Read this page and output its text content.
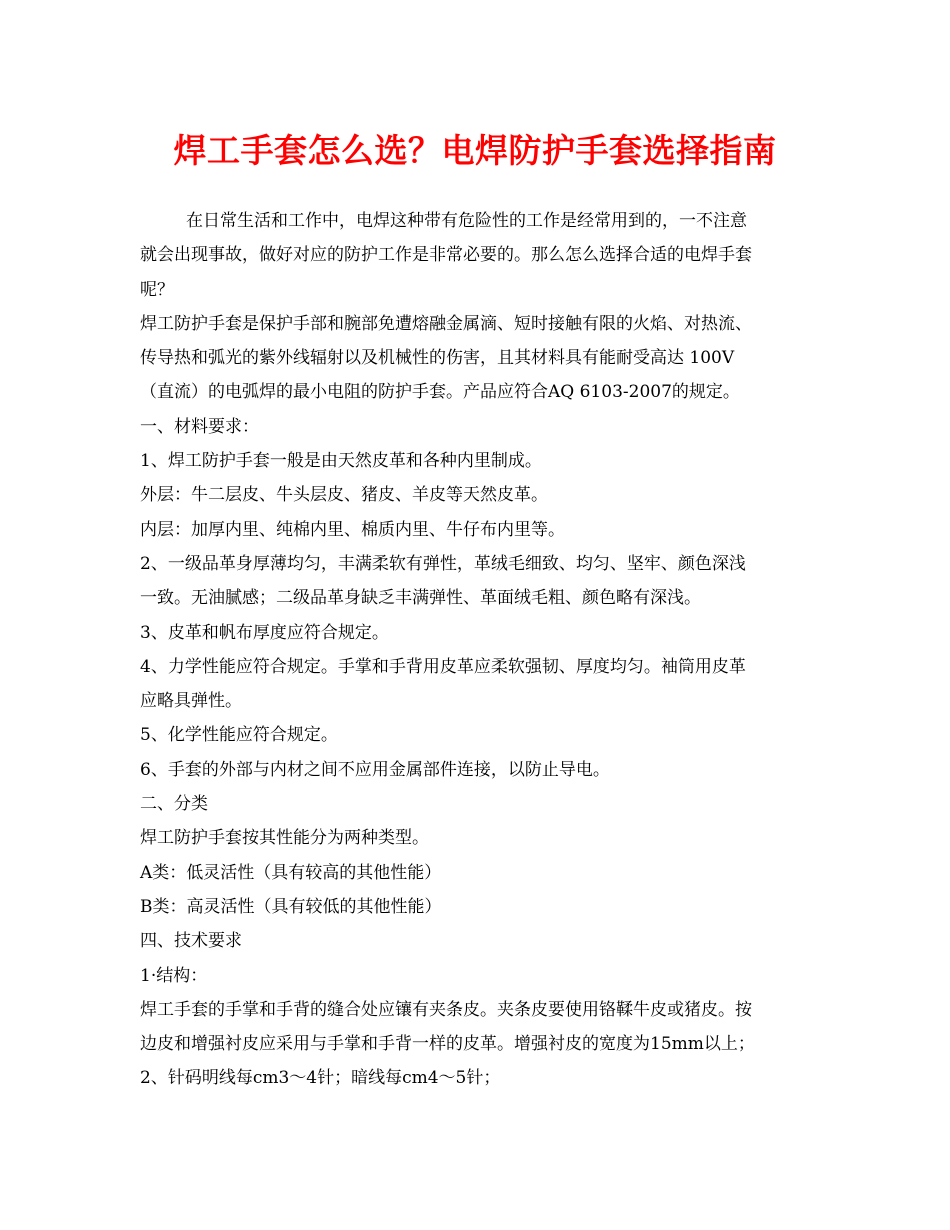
焊工手套怎么选？电焊防护手套选择指南
在日常生活和工作中，电焊这种带有危险性的工作是经常用到的，一不注意
就会出现事故，做好对应的防护工作是非常必要的。那么怎么选择合适的电焊手套
呢？
焊工防护手套是保护手部和腕部免遭熔融金属滴、短时接触有限的火焰、对热流、
传导热和弧光的紫外线辐射以及机械性的伤害，且其材料具有能耐受高达 100V
（直流）的电弧焊的最小电阻的防护手套。产品应符合AQ 6103-2007的规定。
一、材料要求：
1、焊工防护手套一般是由天然皮革和各种内里制成。
外层：牛二层皮、牛头层皮、猪皮、羊皮等天然皮革。
内层：加厚内里、纯棉内里、棉质内里、牛仔布内里等。
2、一级品革身厚薄均匀，丰满柔软有弹性，革绒毛细致、均匀、坚牢、颜色深浅
一致。无油腻感；二级品革身缺乏丰满弹性、革面绒毛粗、颜色略有深浅。
3、皮革和帆布厚度应符合规定。
4、力学性能应符合规定。手掌和手背用皮革应柔软强韧、厚度均匀。袖筒用皮革
应略具弹性。
5、化学性能应符合规定。
6、手套的外部与内材之间不应用金属部件连接，以防止导电。
二、分类
焊工防护手套按其性能分为两种类型。
A类：低灵活性（具有较高的其他性能）
B类：高灵活性（具有较低的其他性能）
四、技术要求
1·结构：
焊工手套的手掌和手背的缝合处应镶有夹条皮。夹条皮要使用铬鞣牛皮或猪皮。按
边皮和增强衬皮应采用与手掌和手背一样的皮革。增强衬皮的宽度为15mm以上；
2、针码明线每cm3～4针；暗线每cm4～5针；
